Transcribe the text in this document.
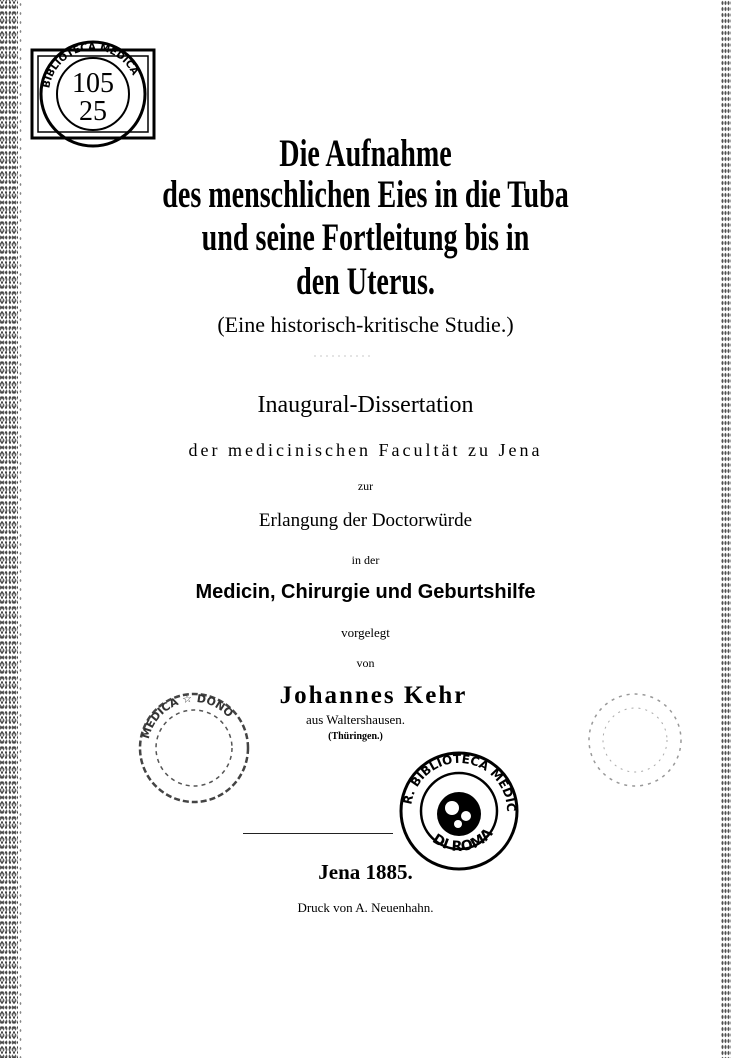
BIBLIOTECA MEDICA
105
25
Die Aufnahme
des menschlichen Eies in die Tuba
und seine Fortleitung bis in
den Uterus.
(Eine historisch-kritische Studie.)
Inaugural-Dissertation
der medicinischen Facultät zu Jena
zur
Erlangung der Doctorwürde
in der
Medicin, Chirurgie und Geburtshilfe
vorgelegt
von
Johannes Kehr
aus Waltershausen.
(Thüringen.)
MEDICA ☆ DONO
R. BIBLIOTECA MEDIC
DI ROMA
Jena 1885.
Druck von A. Neuenhahn.
